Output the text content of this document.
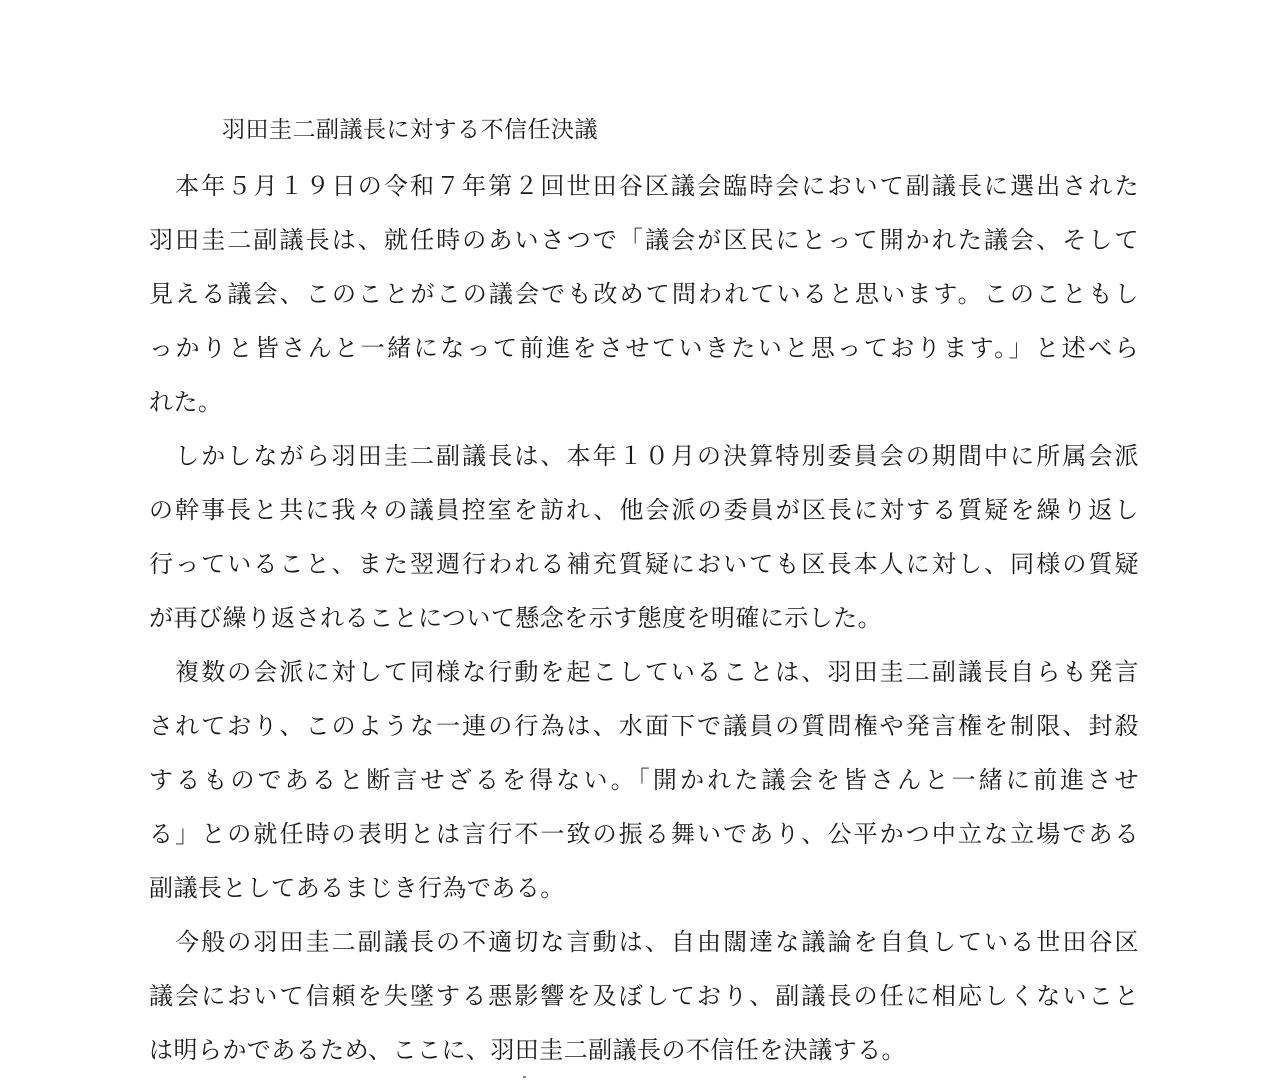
羽田圭二副議長に対する不信任決議
　本年５月１９日の令和７年第２回世田谷区議会臨時会において副議長に選出された
羽田圭二副議長は、就任時のあいさつで「議会が区民にとって開かれた議会、そして
見える議会、このことがこの議会でも改めて問われていると思います。このこともし
っかりと皆さんと一緒になって前進をさせていきたいと思っております。」と述べら
れた。
　しかしながら羽田圭二副議長は、本年１０月の決算特別委員会の期間中に所属会派
の幹事長と共に我々の議員控室を訪れ、他会派の委員が区長に対する質疑を繰り返し
行っていること、また翌週行われる補充質疑においても区長本人に対し、同様の質疑
が再び繰り返されることについて懸念を示す態度を明確に示した。
　複数の会派に対して同様な行動を起こしていることは、羽田圭二副議長自らも発言
されており、このような一連の行為は、水面下で議員の質問権や発言権を制限、封殺
するものであると断言せざるを得ない。「開かれた議会を皆さんと一緒に前進させ
る」との就任時の表明とは言行不一致の振る舞いであり、公平かつ中立な立場である
副議長としてあるまじき行為である。
　今般の羽田圭二副議長の不適切な言動は、自由闊達な議論を自負している世田谷区
議会において信頼を失墜する悪影響を及ぼしており、副議長の任に相応しくないこと
は明らかであるため、ここに、羽田圭二副議長の不信任を決議する。
